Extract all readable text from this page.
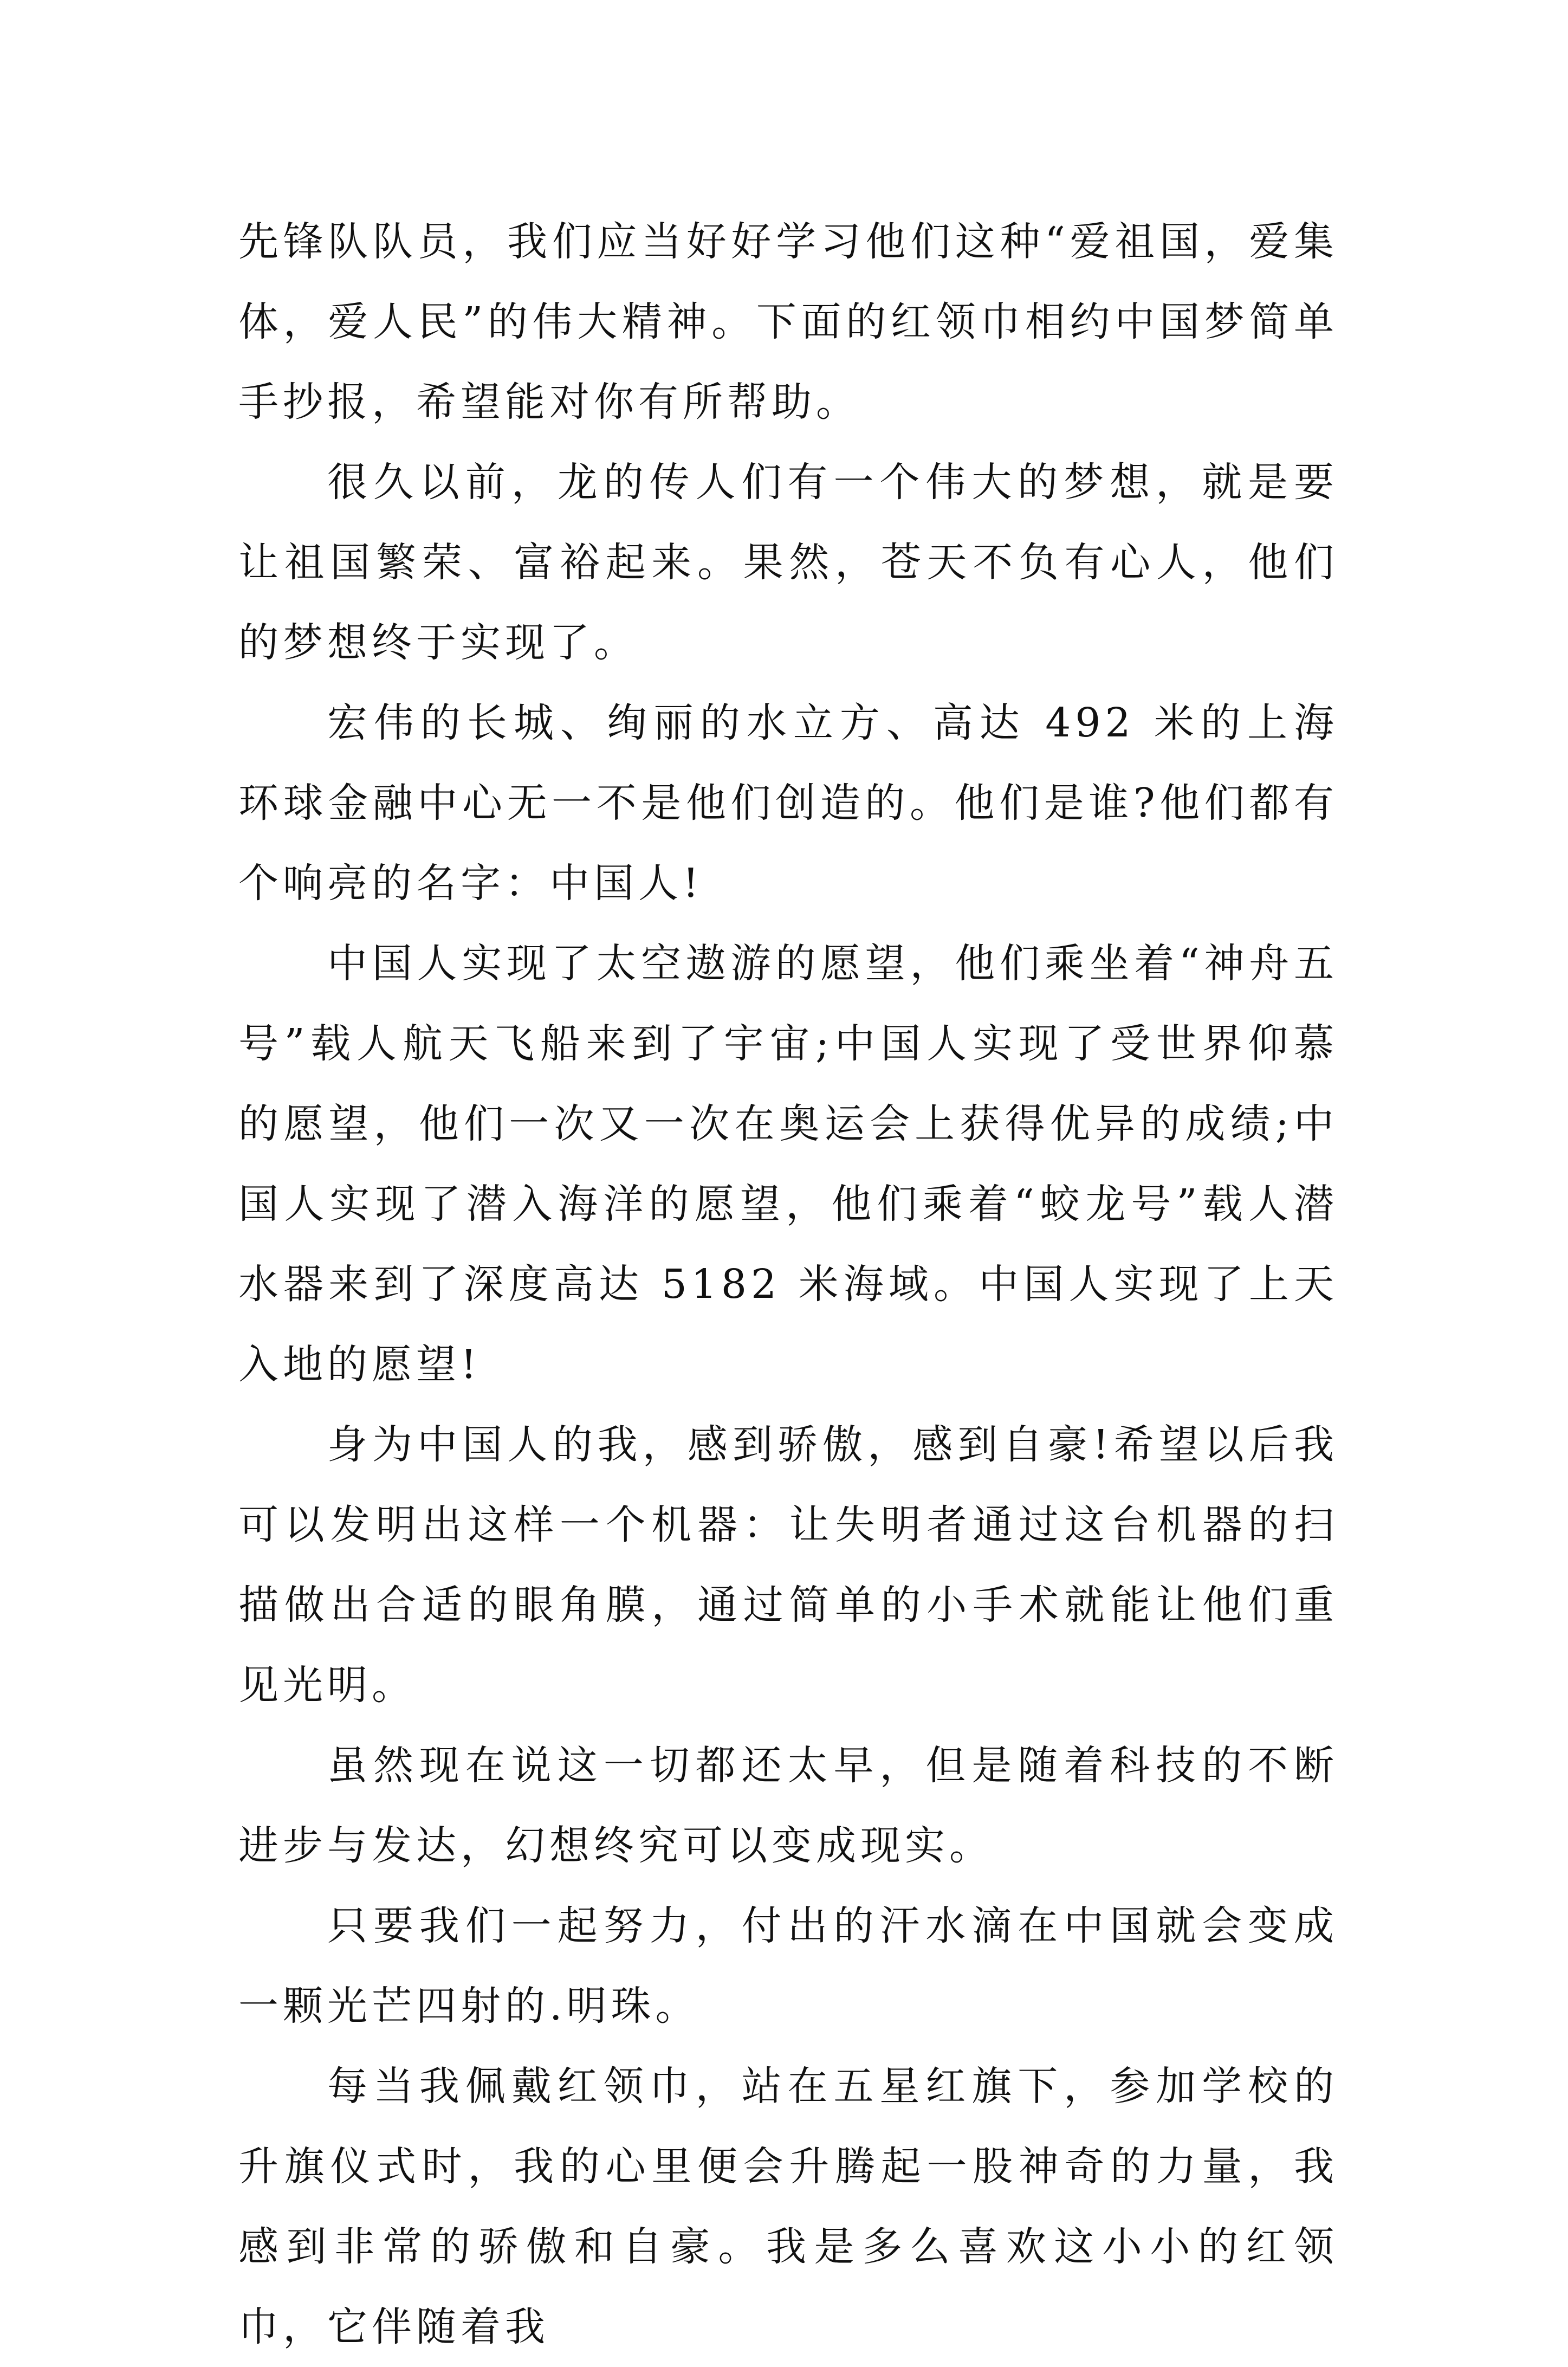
先锋队队员，我们应当好好学习他们这种“爱祖国，爱集体，爱人民”的伟大精神。下面的红领巾相约中国梦简单手抄报，希望能对你有所帮助。

很久以前，龙的传人们有一个伟大的梦想，就是要让祖国繁荣、富裕起来。果然，苍天不负有心人，他们的梦想终于实现了。

宏伟的长城、绚丽的水立方、高达 492 米的上海环球金融中心无一不是他们创造的。他们是谁?他们都有个响亮的名字：中国人!

中国人实现了太空遨游的愿望，他们乘坐着“神舟五号”载人航天飞船来到了宇宙;中国人实现了受世界仰慕的愿望，他们一次又一次在奥运会上获得优异的成绩;中国人实现了潜入海洋的愿望，他们乘着“蛟龙号”载人潜水器来到了深度高达 5182 米海域。中国人实现了上天入地的愿望!

身为中国人的我，感到骄傲，感到自豪!希望以后我可以发明出这样一个机器：让失明者通过这台机器的扫描做出合适的眼角膜，通过简单的小手术就能让他们重见光明。

虽然现在说这一切都还太早，但是随着科技的不断进步与发达，幻想终究可以变成现实。

只要我们一起努力，付出的汗水滴在中国就会变成一颗光芒四射的.明珠。

每当我佩戴红领巾，站在五星红旗下，参加学校的升旗仪式时，我的心里便会升腾起一股神奇的力量，我感到非常的骄傲和自豪。我是多么喜欢这小小的红领巾，它伴随着我
